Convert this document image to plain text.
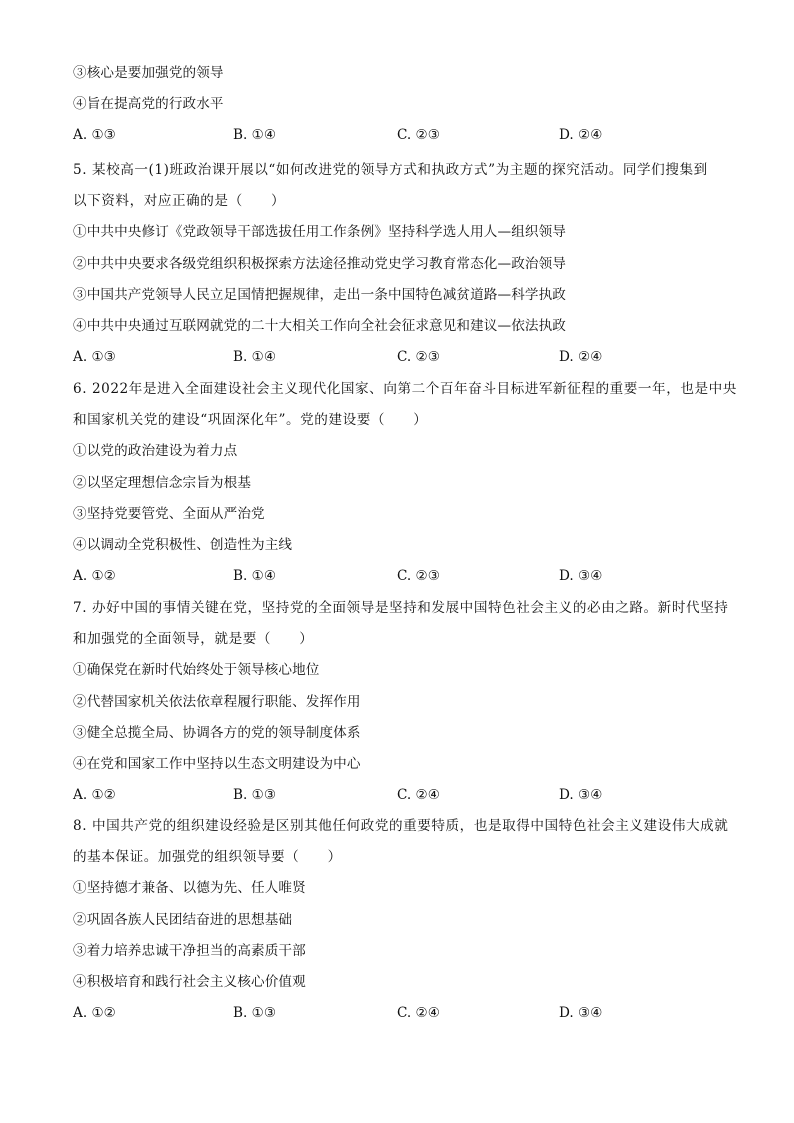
③核心是要加强党的领导
④旨在提高党的行政水平
A. ①③	B. ①④	C. ②③	D. ②④
5. 某校高一(1)班政治课开展以“如何改进党的领导方式和执政方式”为主题的探究活动。同学们搜集到
以下资料，对应正确的是（　　）
①中共中央修订《党政领导干部选拔任用工作条例》坚持科学选人用人—组织领导
②中共中央要求各级党组织积极探索方法途径推动党史学习教育常态化—政治领导
③中国共产党领导人民立足国情把握规律，走出一条中国特色减贫道路—科学执政
④中共中央通过互联网就党的二十大相关工作向全社会征求意见和建议—依法执政
A. ①③	B. ①④	C. ②③	D. ②④
6. 2022年是进入全面建设社会主义现代化国家、向第二个百年奋斗目标进军新征程的重要一年，也是中央
和国家机关党的建设“巩固深化年”。党的建设要（　　）
①以党的政治建设为着力点
②以坚定理想信念宗旨为根基
③坚持党要管党、全面从严治党
④以调动全党积极性、创造性为主线
A. ①②	B. ①④	C. ②③	D. ③④
7. 办好中国的事情关键在党，坚持党的全面领导是坚持和发展中国特色社会主义的必由之路。新时代坚持
和加强党的全面领导，就是要（　　）
①确保党在新时代始终处于领导核心地位
②代替国家机关依法依章程履行职能、发挥作用
③健全总揽全局、协调各方的党的领导制度体系
④在党和国家工作中坚持以生态文明建设为中心
A. ①②	B. ①③	C. ②④	D. ③④
8. 中国共产党的组织建设经验是区别其他任何政党的重要特质，也是取得中国特色社会主义建设伟大成就
的基本保证。加强党的组织领导要（　　）
①坚持德才兼备、以德为先、任人唯贤
②巩固各族人民团结奋进的思想基础
③着力培养忠诚干净担当的高素质干部
④积极培育和践行社会主义核心价值观
A. ①②	B. ①③	C. ②④	D. ③④
